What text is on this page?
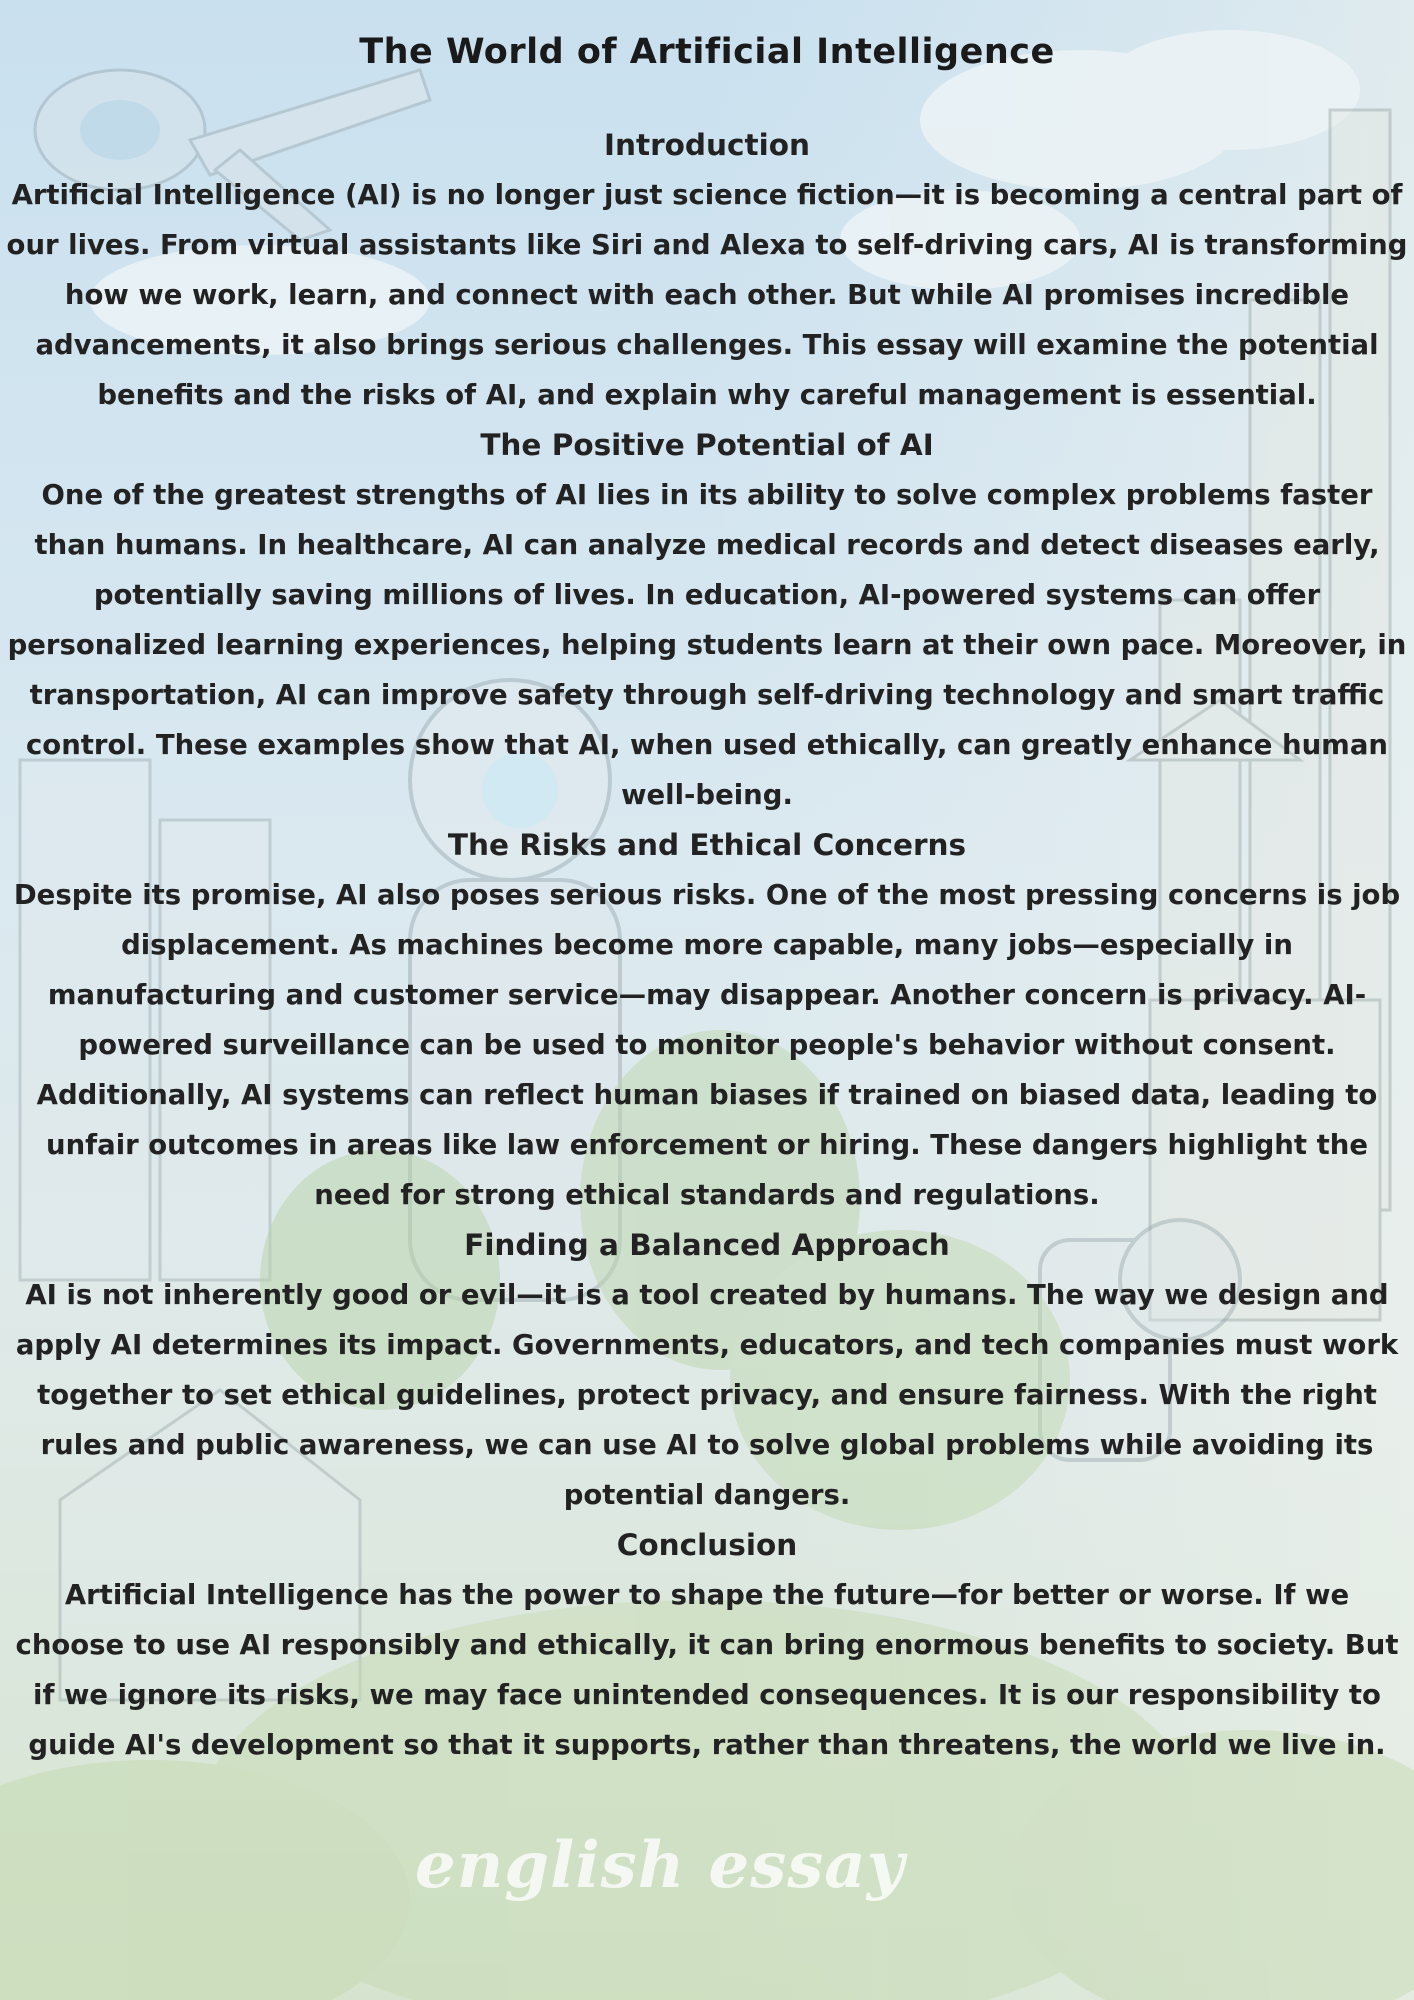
english essay
The World of Artificial Intelligence
Introduction

Artificial Intelligence (AI) is no longer just science fiction—it is becoming a central part of our lives. From virtual assistants like Siri and Alexa to self-driving cars, AI is transforming how we work, learn, and connect with each other. But while AI promises incredible advancements, it also brings serious challenges. This essay will examine the potential benefits and the risks of AI, and explain why careful management is essential.

The Positive Potential of AI

One of the greatest strengths of AI lies in its ability to solve complex problems faster than humans. In healthcare, AI can analyze medical records and detect diseases early, potentially saving millions of lives. In education, AI-powered systems can offer personalized learning experiences, helping students learn at their own pace. Moreover, in transportation, AI can improve safety through self-driving technology and smart traffic control. These examples show that AI, when used ethically, can greatly enhance human well-being.

The Risks and Ethical Concerns

Despite its promise, AI also poses serious risks. One of the most pressing concerns is job displacement. As machines become more capable, many jobs—especially in manufacturing and customer service—may disappear. Another concern is privacy. AI-powered surveillance can be used to monitor people's behavior without consent. Additionally, AI systems can reflect human biases if trained on biased data, leading to unfair outcomes in areas like law enforcement or hiring. These dangers highlight the need for strong ethical standards and regulations.

Finding a Balanced Approach

AI is not inherently good or evil—it is a tool created by humans. The way we design and apply AI determines its impact. Governments, educators, and tech companies must work together to set ethical guidelines, protect privacy, and ensure fairness. With the right rules and public awareness, we can use AI to solve global problems while avoiding its potential dangers.

Conclusion

Artificial Intelligence has the power to shape the future—for better or worse. If we choose to use AI responsibly and ethically, it can bring enormous benefits to society. But if we ignore its risks, we may face unintended consequences. It is our responsibility to guide AI's development so that it supports, rather than threatens, the world we live in.
